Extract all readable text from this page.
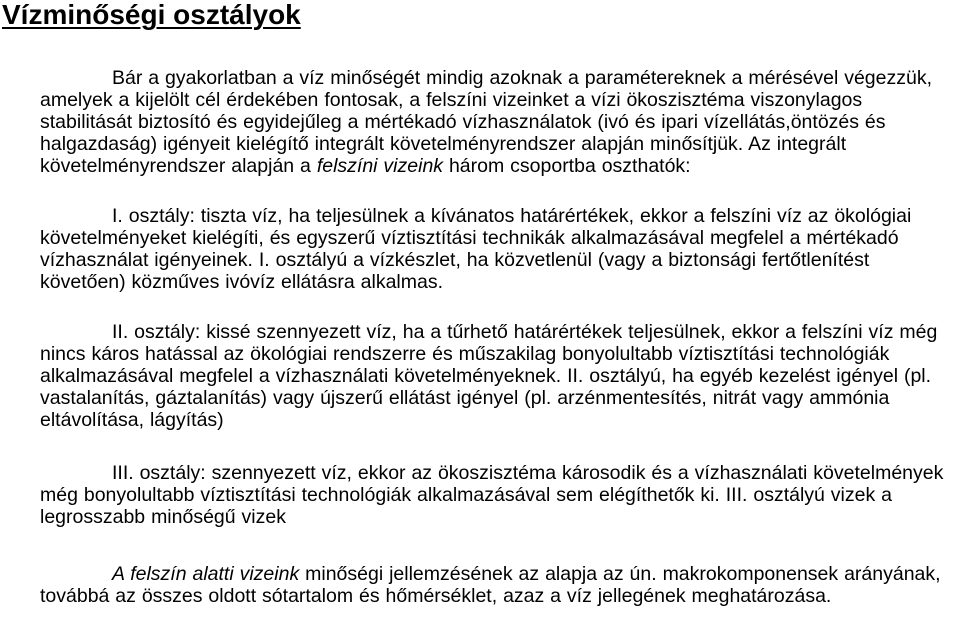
Vízminőségi osztályok

Bár a gyakorlatban a víz minőségét mindig azoknak a paramétereknek a mérésével végezzük, amelyek a kijelölt cél érdekében fontosak, a felszíni vizeinket a vízi ökoszisztéma viszonylagos stabilitását biztosító és egyidejűleg a mértékadó vízhasználatok (ivó és ipari vízellátás,öntözés és halgazdaság) igényeit kielégítő integrált követelményrendszer alapján minősítjük. Az integrált követelményrendszer alapján a felszíni vizeink három csoportba oszthatók:

I. osztály: tiszta víz, ha teljesülnek a kívánatos határértékek, ekkor a felszíni víz az ökológiai követelményeket kielégíti, és egyszerű víztisztítási technikák alkalmazásával megfelel a mértékadó vízhasználat igényeinek. I. osztályú a vízkészlet, ha közvetlenül (vagy a biztonsági fertőtlenítést követően) közműves ivóvíz ellátásra alkalmas.

II. osztály: kissé szennyezett víz, ha a tűrhető határértékek teljesülnek, ekkor a felszíni víz még nincs káros hatással az ökológiai rendszerre és műszakilag bonyolultabb víztisztítási technológiák alkalmazásával megfelel a vízhasználati követelményeknek. II. osztályú, ha egyéb kezelést igényel (pl. vastalanítás, gáztalanítás) vagy újszerű ellátást igényel (pl. arzénmentesítés, nitrát vagy ammónia eltávolítása, lágyítás)

III. osztály: szennyezett víz, ekkor az ökoszisztéma károsodik és a vízhasználati követelmények még bonyolultabb víztisztítási technológiák alkalmazásával sem elégíthetők ki. III. osztályú vizek a legrosszabb minőségű vizek

A felszín alatti vizeink minőségi jellemzésének az alapja az ún. makrokomponensek arányának, továbbá az összes oldott sótartalom és hőmérséklet, azaz a víz jellegének meghatározása.
